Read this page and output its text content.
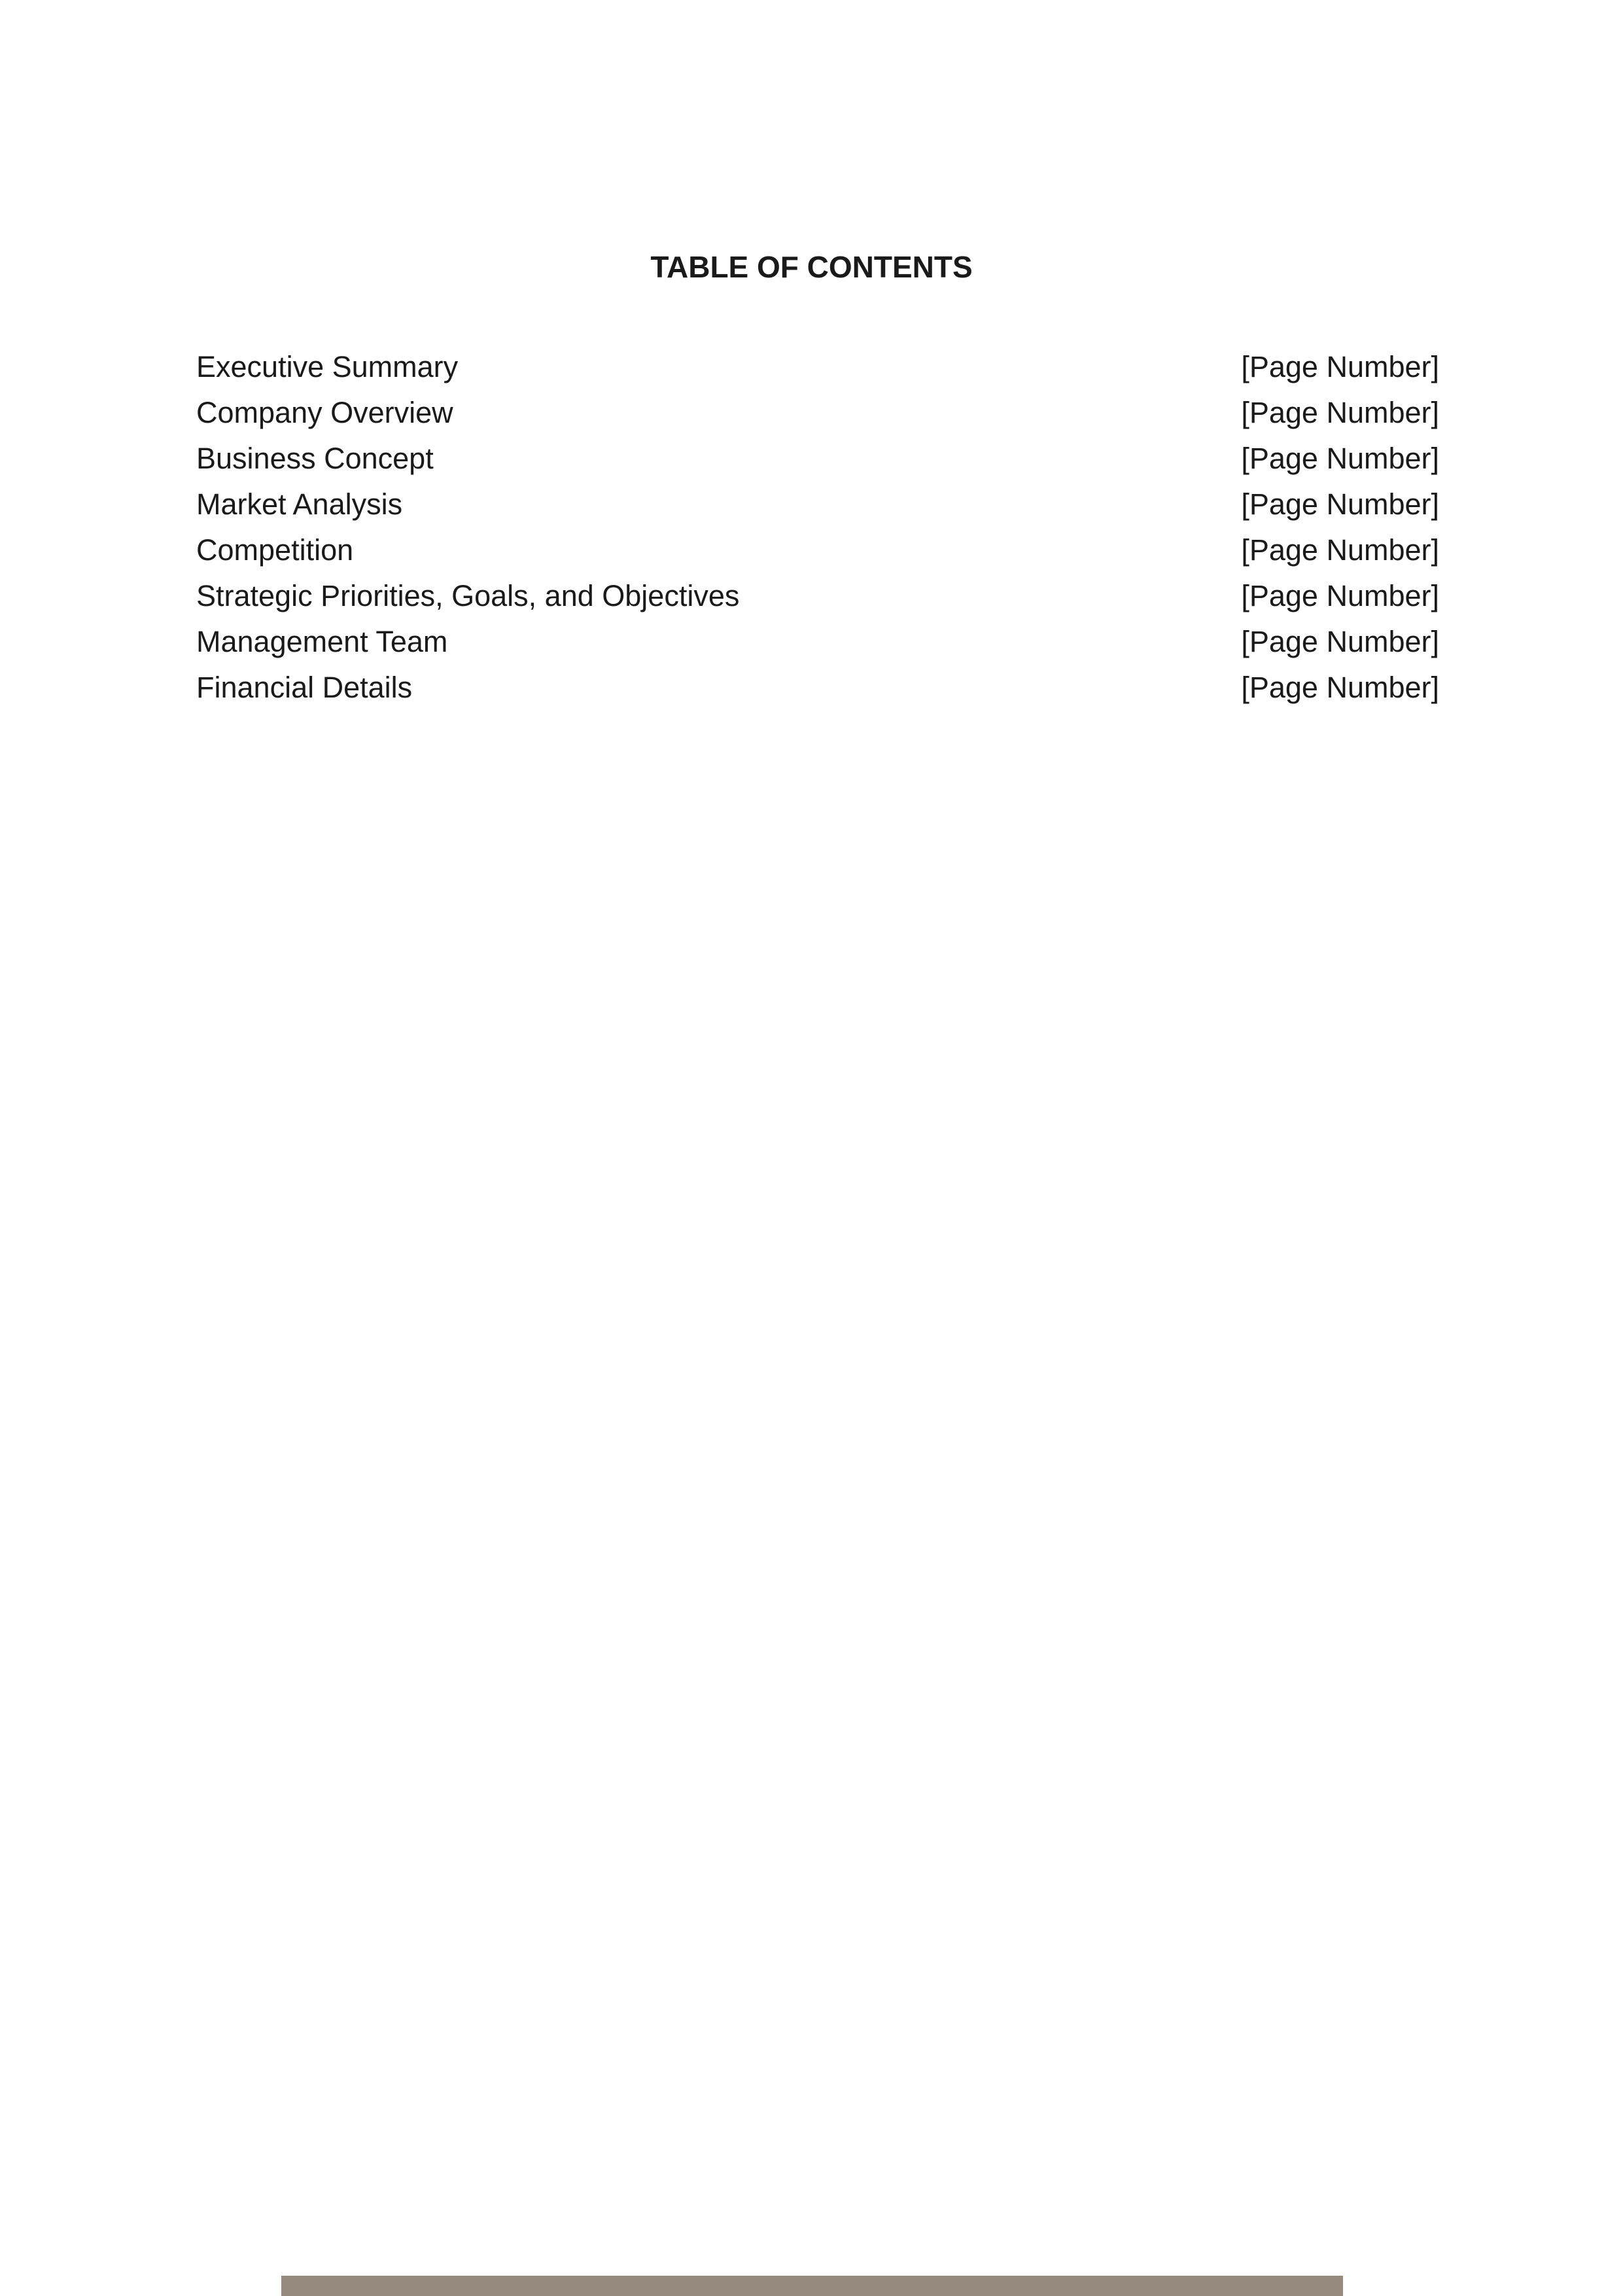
TABLE OF CONTENTS
Executive Summary	[Page Number]
Company Overview	[Page Number]
Business Concept	[Page Number]
Market Analysis	[Page Number]
Competition	[Page Number]
Strategic Priorities, Goals, and Objectives	[Page Number]
Management Team	[Page Number]
Financial Details	[Page Number]
